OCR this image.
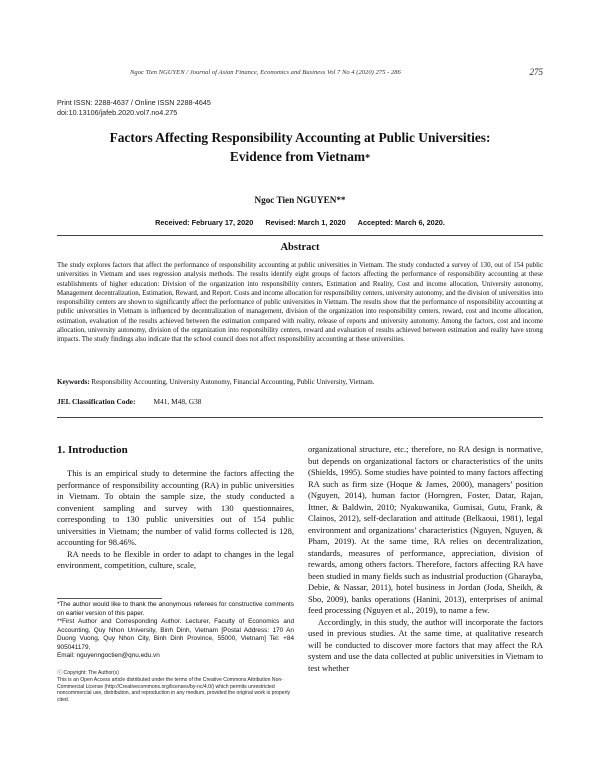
Ngoc Tien NGUYEN / Journal of Asian Finance, Economics and Business Vol 7 No 4 (2020) 275 - 286	275
Print ISSN: 2288-4637 / Online ISSN 2288-4645
doi:10.13106/jafeb.2020.vol7.no4.275
Factors Affecting Responsibility Accounting at Public Universities:
Evidence from Vietnam*
Ngoc Tien NGUYEN**
Received: February 17, 2020 Revised: March 1, 2020 Accepted: March 6, 2020.
Abstract
The study explores factors that affect the performance of responsibility accounting at public universities in Vietnam. The study conducted a survey of 130, out of 154 public universities in Vietnam and uses regression analysis methods. The results identify eight groups of factors affecting the performance of responsibility accounting at these establishments of higher education: Division of the organization into responsibility centers, Estimation and Reality, Cost and income allocation, University autonomy, Management decentralization, Estimation, Reward, and Report. Costs and income allocation for responsibility centers, university autonomy, and the division of universities into responsibility centers are shown to significantly affect the performance of public universities in Vietnam. The results show that the performance of responsibility accounting at public universities in Vietnam is influenced by decentralization of management, division of the organization into responsibility centers, reward, cost and income allocation, estimation, evaluation of the results achieved between the estimation compared with reality, release of reports and university autonomy. Among the factors, cost and income allocation, university autonomy, division of the organization into responsibility centers, reward and evaluation of results achieved between estimation and reality have strong impacts. The study findings also indicate that the school council does not affect responsibility accounting at these universities.
Keywords: Responsibility Accounting, University Autonomy, Financial Accounting, Public University, Vietnam.
JEL Classification Code: M41, M48, G38
1. Introduction

This is an empirical study to determine the factors affecting the performance of responsibility accounting (RA) in public universities in Vietnam. To obtain the sample size, the study conducted a convenient sampling and survey with 130 questionnaires, corresponding to 130 public universities out of 154 public universities in Vietnam; the number of valid forms collected is 128, accounting for 98.46%.

RA needs to be flexible in order to adapt to changes in the legal environment, competition, culture, scale,

organizational structure, etc.; therefore, no RA design is normative, but depends on organizational factors or characteristics of the units (Shields, 1995). Some studies have pointed to many factors affecting RA such as firm size (Hoque & James, 2000), managers’ position (Nguyen, 2014), human factor (Horngren, Foster, Datar, Rajan, Ittner, & Baldwin, 2010; Nyakuwanika, Gumisai, Gutu, Frank, & Clainos, 2012), self-declaration and attitude (Belkaoui, 1981), legal environment and organizations’ characteristics (Nguyen, Nguyen, & Pham, 2019). At the same time, RA relies on decentralization, standards, measures of performance, appreciation, division of rewards, among others factors. Therefore, factors affecting RA have been studied in many fields such as industrial production (Gharayba, Debie, & Nassar, 2011), hotel business in Jordan (Joda, Sheikh, & Sbo, 2009), banks operations (Hanini, 2013), enterprises of animal feed processing (Nguyen et al., 2019), to name a few.

Accordingly, in this study, the author will incorporate the factors used in previous studies. At the same time, at qualitative research will be conducted to discover more factors that may affect the RA system and use the data collected at public universities in Vietnam to test whether

*The author would like to thank the anonymous referees for constructive comments on earlier version of this paper.

**First Author and Corresponding Author. Lecturer, Faculty of Economics and Accounting, Quy Nhon University, Binh Dinh, Vietnam [Postal Address: 170 An Duong Vuong, Quy Nhon City, Binh Dinh Province, 55000, Vietnam] Tel: +84 905041179,

Email: nguyenngoctien@qnu.edu.vn

ⓒCopyright: The Author(s)

This is an Open Access article distributed under the terms of the Creative Commons Attribution Non-Commercial License (http://Creativecommons.org/licenses/by-nc/4.0/) which permits unrestricted noncommercial use, distribution, and reproduction in any medium, provided the original work is properly cited.
